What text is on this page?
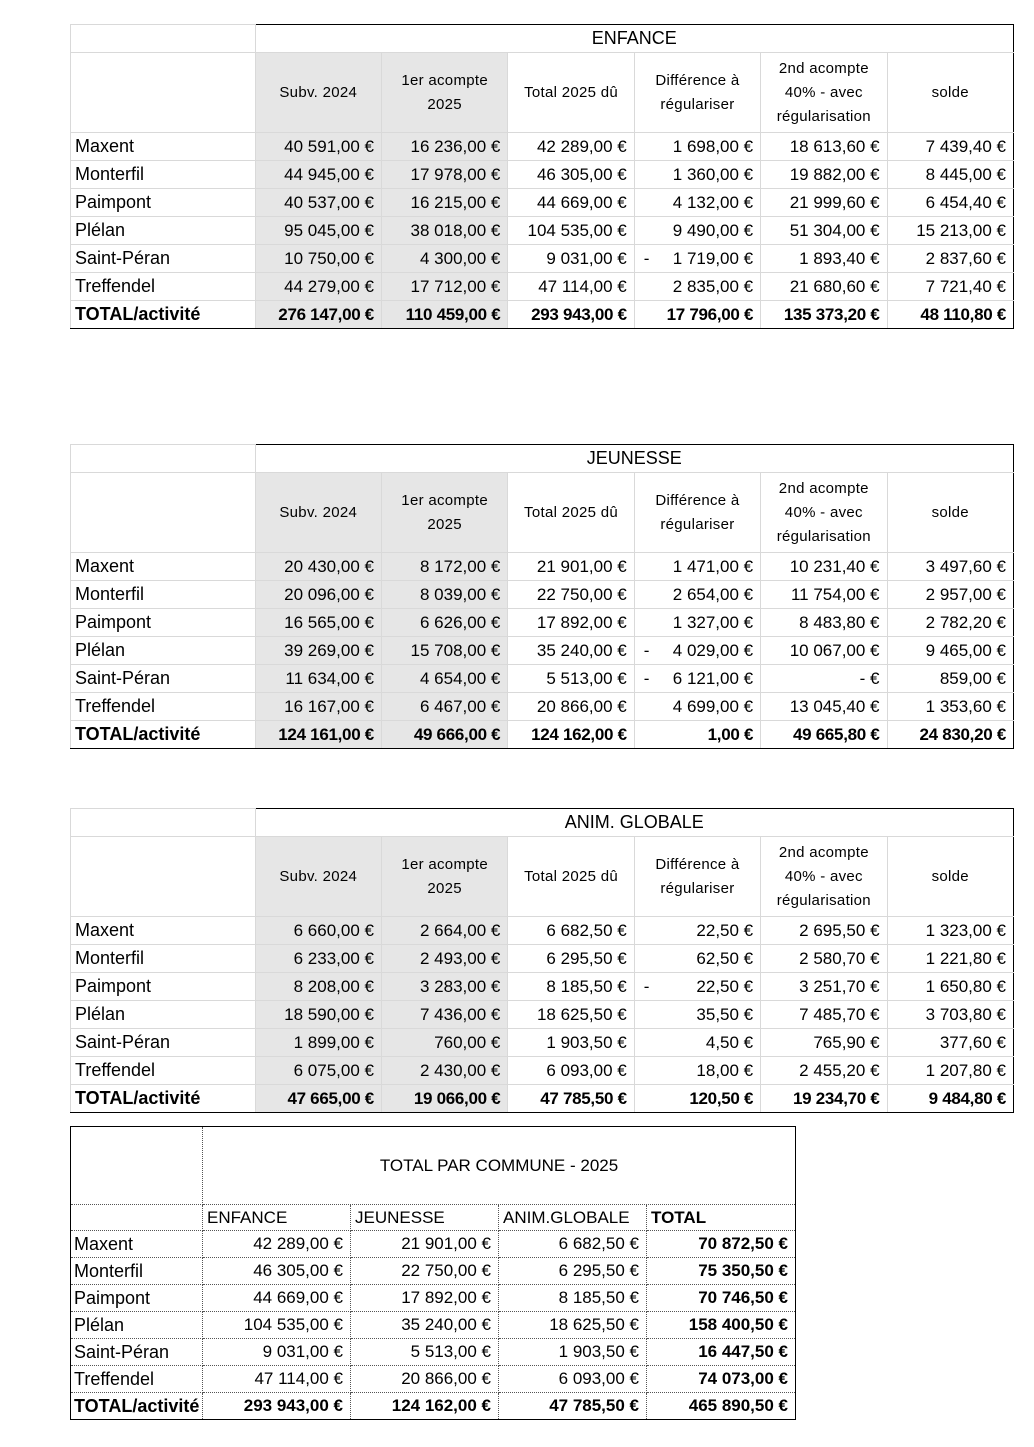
	ENFANCE					
	Subv. 2024	1er acompte 2025	Total 2025 dû	Différence à régulariser	2nd acompte 40% - avec régularisation	solde
Maxent	40 591,00 €	16 236,00 €	42 289,00 €	1 698,00 €	18 613,60 €	7 439,40 €
Monterfil	44 945,00 €	17 978,00 €	46 305,00 €	1 360,00 €	19 882,00 €	8 445,00 €
Paimpont	40 537,00 €	16 215,00 €	44 669,00 €	4 132,00 €	21 999,60 €	6 454,40 €
Plélan	95 045,00 €	38 018,00 €	104 535,00 €	9 490,00 €	51 304,00 €	15 213,00 €
Saint-Péran	10 750,00 €	4 300,00 €	9 031,00 €	- 1 719,00 €	1 893,40 €	2 837,60 €
Treffendel	44 279,00 €	17 712,00 €	47 114,00 €	2 835,00 €	21 680,60 €	7 721,40 €
TOTAL/activité	276 147,00 €	110 459,00 €	293 943,00 €	17 796,00 €	135 373,20 €	48 110,80 €
	JEUNESSE					
	Subv. 2024	1er acompte 2025	Total 2025 dû	Différence à régulariser	2nd acompte 40% - avec régularisation	solde
Maxent	20 430,00 €	8 172,00 €	21 901,00 €	1 471,00 €	10 231,40 €	3 497,60 €
Monterfil	20 096,00 €	8 039,00 €	22 750,00 €	2 654,00 €	11 754,00 €	2 957,00 €
Paimpont	16 565,00 €	6 626,00 €	17 892,00 €	1 327,00 €	8 483,80 €	2 782,20 €
Plélan	39 269,00 €	15 708,00 €	35 240,00 €	- 4 029,00 €	10 067,00 €	9 465,00 €
Saint-Péran	11 634,00 €	4 654,00 €	5 513,00 €	- 6 121,00 €	- €	859,00 €
Treffendel	16 167,00 €	6 467,00 €	20 866,00 €	4 699,00 €	13 045,40 €	1 353,60 €
TOTAL/activité	124 161,00 €	49 666,00 €	124 162,00 €	1,00 €	49 665,80 €	24 830,20 €
	ANIM. GLOBALE					
	Subv. 2024	1er acompte 2025	Total 2025 dû	Différence à régulariser	2nd acompte 40% - avec régularisation	solde
Maxent	6 660,00 €	2 664,00 €	6 682,50 €	22,50 €	2 695,50 €	1 323,00 €
Monterfil	6 233,00 €	2 493,00 €	6 295,50 €	62,50 €	2 580,70 €	1 221,80 €
Paimpont	8 208,00 €	3 283,00 €	8 185,50 €	- 22,50 €	3 251,70 €	1 650,80 €
Plélan	18 590,00 €	7 436,00 €	18 625,50 €	35,50 €	7 485,70 €	3 703,80 €
Saint-Péran	1 899,00 €	760,00 €	1 903,50 €	4,50 €	765,90 €	377,60 €
Treffendel	6 075,00 €	2 430,00 €	6 093,00 €	18,00 €	2 455,20 €	1 207,80 €
TOTAL/activité	47 665,00 €	19 066,00 €	47 785,50 €	120,50 €	19 234,70 €	9 484,80 €
	TOTAL PAR COMMUNE - 2025			
	ENFANCE	JEUNESSE	ANIM.GLOBALE	TOTAL
Maxent	42 289,00 €	21 901,00 €	6 682,50 €	70 872,50 €
Monterfil	46 305,00 €	22 750,00 €	6 295,50 €	75 350,50 €
Paimpont	44 669,00 €	17 892,00 €	8 185,50 €	70 746,50 €
Plélan	104 535,00 €	35 240,00 €	18 625,50 €	158 400,50 €
Saint-Péran	9 031,00 €	5 513,00 €	1 903,50 €	16 447,50 €
Treffendel	47 114,00 €	20 866,00 €	6 093,00 €	74 073,00 €
TOTAL/activité	293 943,00 €	124 162,00 €	47 785,50 €	465 890,50 €
